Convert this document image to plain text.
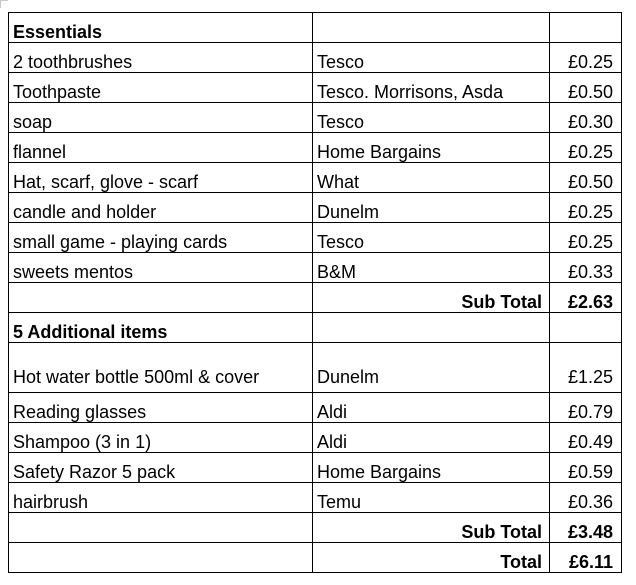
Essentials		
2 toothbrushes	Tesco	£0.25
Toothpaste	Tesco. Morrisons, Asda	£0.50
soap	Tesco	£0.30
flannel	Home Bargains	£0.25
Hat, scarf, glove - scarf	What	£0.50
candle and holder	Dunelm	£0.25
small game - playing cards	Tesco	£0.25
sweets mentos	B&M	£0.33
	Sub Total	£2.63
5 Additional items		
Hot water bottle 500ml & cover	Dunelm	£1.25
Reading glasses	Aldi	£0.79
Shampoo (3 in 1)	Aldi	£0.49
Safety Razor 5 pack	Home Bargains	£0.59
hairbrush	Temu	£0.36
	Sub Total	£3.48
	Total	£6.11
